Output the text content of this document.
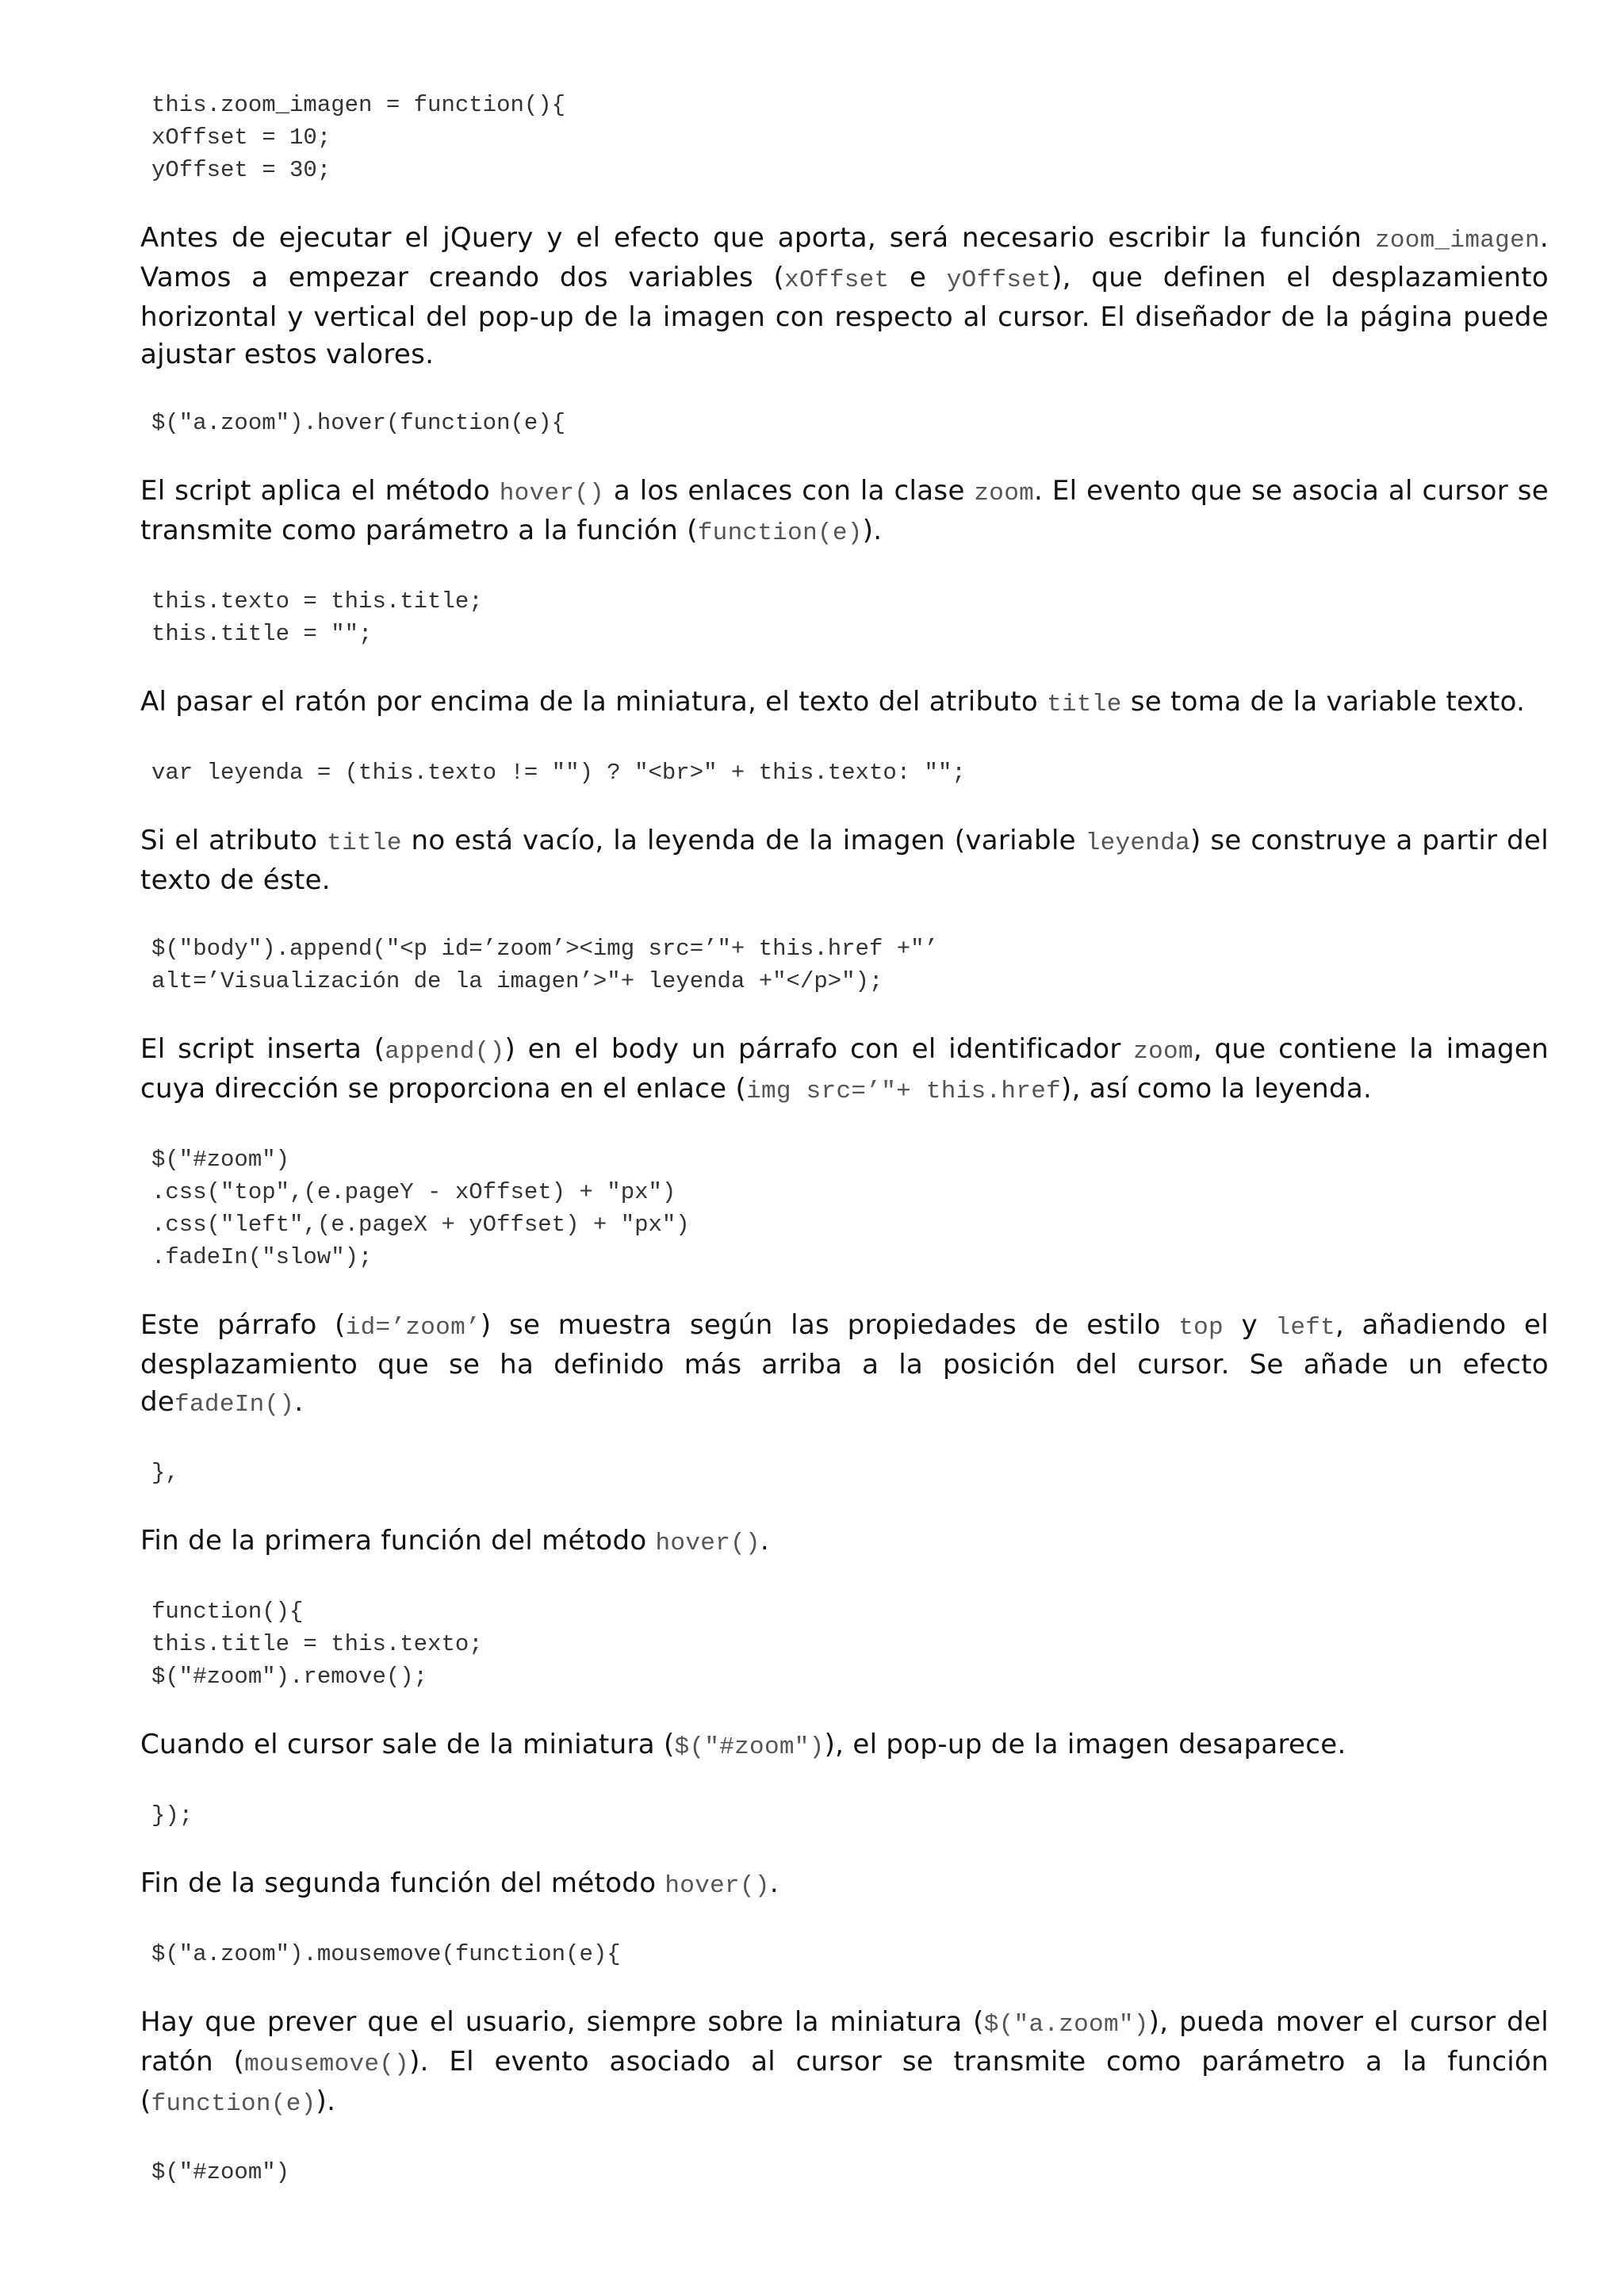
this.zoom_imagen = function(){
xOffset = 10;
yOffset = 30;
Antes de ejecutar el jQuery y el efecto que aporta, será necesario escribir la función zoom_imagen. Vamos a empezar creando dos variables (xOffset e yOffset), que definen el desplazamiento horizontal y vertical del pop-up de la imagen con respecto al cursor. El diseñador de la página puede ajustar estos valores.
$("a.zoom").hover(function(e){
El script aplica el método hover() a los enlaces con la clase zoom. El evento que se asocia al cursor se transmite como parámetro a la función (function(e)).
this.texto = this.title;
this.title = "";
Al pasar el ratón por encima de la miniatura, el texto del atributo title se toma de la variable texto.
var leyenda = (this.texto != "") ? "<br>" + this.texto: "";
Si el atributo title no está vacío, la leyenda de la imagen (variable leyenda) se construye a partir del texto de éste.
$("body").append("<p id=’zoom’><img src=’"+ this.href +"’
alt=’Visualización de la imagen’>"+ leyenda +"</p>");
El script inserta (append()) en el body un párrafo con el identificador zoom, que contiene la imagen cuya dirección se proporciona en el enlace (img src=’"+ this.href), así como la leyenda.
$("#zoom")
.css("top",(e.pageY - xOffset) + "px")
.css("left",(e.pageX + yOffset) + "px")
.fadeIn("slow");
Este párrafo (id=’zoom’) se muestra según las propiedades de estilo top y left, añadiendo el desplazamiento que se ha definido más arriba a la posición del cursor. Se añade un efecto defadeIn().
},
Fin de la primera función del método hover().
function(){
this.title = this.texto;
$("#zoom").remove();
Cuando el cursor sale de la miniatura ($("#zoom")), el pop-up de la imagen desaparece.
});
Fin de la segunda función del método hover().
$("a.zoom").mousemove(function(e){
Hay que prever que el usuario, siempre sobre la miniatura ($("a.zoom")), pueda mover el cursor del ratón (mousemove()). El evento asociado al cursor se transmite como parámetro a la función (function(e)).
$("#zoom")
